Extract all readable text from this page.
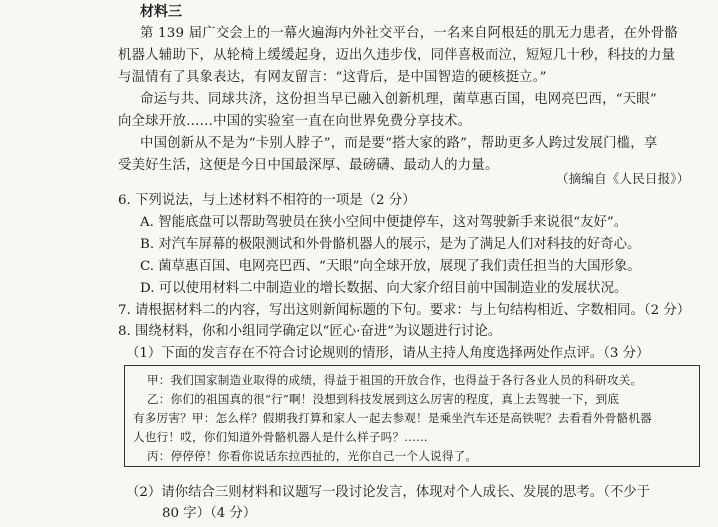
材料三
第 139 届广交会上的一幕火遍海内外社交平台，一名来自阿根廷的肌无力患者，在外骨骼
机器人辅助下，从轮椅上缓缓起身，迈出久违步伐，同伴喜极而泣，短短几十秒，科技的力量
与温情有了具象表达，有网友留言：“这背后，是中国智造的硬核挺立。”
命运与共、同球共济，这份担当早已融入创新机理，菌草惠百国，电网亮巴西，“天眼”
向全球开放……中国的实验室一直在向世界免费分享技术。
中国创新从不是为“卡别人脖子”，而是要“搭大家的路”，帮助更多人跨过发展门槛，享
受美好生活，这便是今日中国最深厚、最磅礴、最动人的力量。
（摘编自《人民日报》）
6. 下列说法，与上述材料不相符的一项是（2 分）
A. 智能底盘可以帮助驾驶员在狭小空间中便捷停车，这对驾驶新手来说很“友好”。
B. 对汽车屏幕的极限测试和外骨骼机器人的展示，是为了满足人们对科技的好奇心。
C. 菌草惠百国、电网亮巴西、“天眼”向全球开放，展现了我们责任担当的大国形象。
D. 可以使用材料二中制造业的增长数据、向大家介绍目前中国制造业的发展状况。
7. 请根据材料二的内容，写出这则新闻标题的下句。要求：与上句结构相近、字数相同。（2 分）
8. 围绕材料，你和小组同学确定以“匠心·奋进”为议题进行讨论。
（1）下面的发言存在不符合讨论规则的情形，请从主持人角度选择两处作点评。（3 分）
甲：我们国家制造业取得的成绩，得益于祖国的开放合作，也得益于各行各业人员的科研攻关。
乙：你们的祖国真的很“行”啊！没想到科技发展到这么厉害的程度，真上去驾驶一下，到底
有多厉害？甲：怎么样？假期我打算和家人一起去参观！是乘坐汽车还是高铁呢？去看看外骨骼机器
人也行！哎，你们知道外骨骼机器人是什么样子吗？……
丙：停停停！你看你说话东拉西扯的，光你自己一个人说得了。
（2）请你结合三则材料和议题写一段讨论发言，体现对个人成长、发展的思考。（不少于
80 字）（4 分）
